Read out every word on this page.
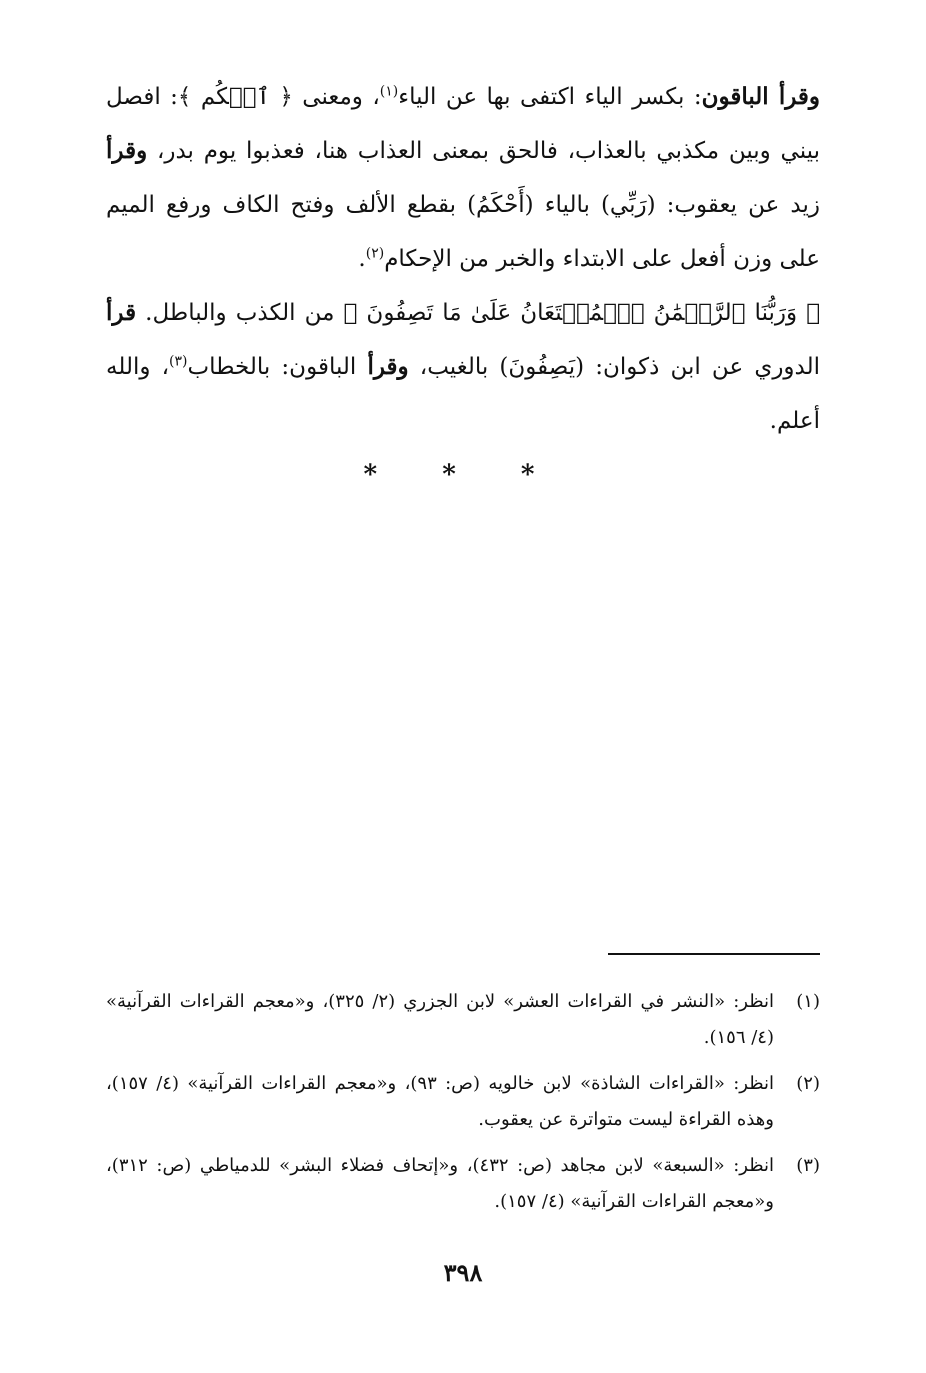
وقرأ الباقون: بكسر الياء اكتفى بها عن الياء$^{(١)}$، ومعنى ﴿ ٱحۡكُم ﴾: افصل بيني وبين مكذبي بالعذاب، فالحق بمعنى العذاب هنا، فعذبوا يوم بدر، وقرأ زيد عن يعقوب: (رَبِّي) بالياء (أَحْكَمُ) بقطع الألف وفتح الكاف ورفع الميم على وزن أفعل على الابتداء والخبر من الإحكام$^{(٢)}$.

﴿ وَرَبُّنَا ٱلرَّحۡمَٰنُ ٱلۡمُسۡتَعَانُ عَلَىٰ مَا تَصِفُونَ ﴾ من الكذب والباطل. قرأ الدوري عن ابن ذكوان: (يَصِفُونَ) بالغيب، وقرأ الباقون: بالخطاب$^{(٣)}$، والله أعلم.

* * *
(١)
انظر: «النشر في القراءات العشر» لابن الجزري (٢/ ٣٢٥)، و«معجم القراءات القرآنية» (٤/ ١٥٦).
(٢)
انظر: «القراءات الشاذة» لابن خالويه (ص: ٩٣)، و«معجم القراءات القرآنية» (٤/ ١٥٧)، وهذه القراءة ليست متواترة عن يعقوب.
(٣)
انظر: «السبعة» لابن مجاهد (ص: ٤٣٢)، و«إتحاف فضلاء البشر» للدمياطي (ص: ٣١٢)، و«معجم القراءات القرآنية» (٤/ ١٥٧).
٣٩٨
